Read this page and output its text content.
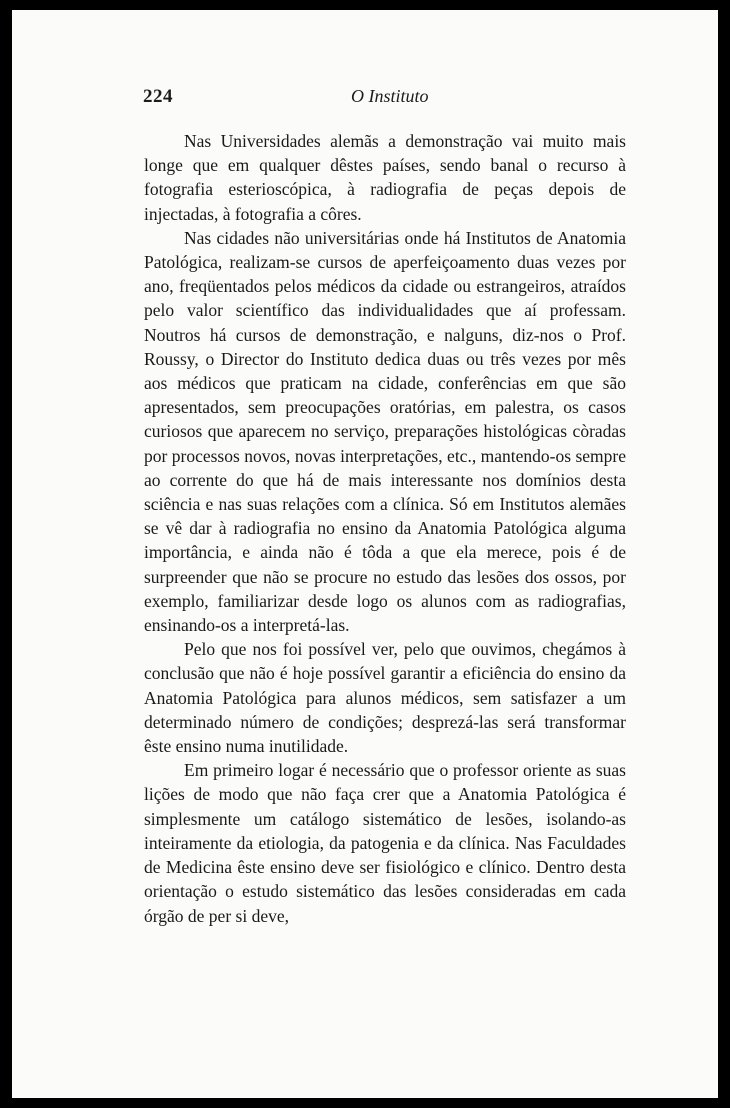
224	O Instituto

Nas Universidades alemãs a demonstração vai muito mais longe que em qualquer dêstes países, sendo banal o recurso à fotografia esterioscópica, à radiografia de peças depois de injectadas, à fotografia a côres.

Nas cidades não universitárias onde há Institutos de Anatomia Patológica, realizam-se cursos de aperfeiçoamento duas vezes por ano, freqüentados pelos médicos da cidade ou estrangeiros, atraídos pelo valor scientífico das individualidades que aí professam. Noutros há cursos de demonstração, e nalguns, diz-nos o Prof. Roussy, o Director do Instituto dedica duas ou três vezes por mês aos médicos que praticam na cidade, conferências em que são apresentados, sem preocupações oratórias, em palestra, os casos curiosos que aparecem no serviço, preparações histológicas còradas por processos novos, novas interpretações, etc., mantendo-os sempre ao corrente do que há de mais interessante nos domínios desta sciência e nas suas relações com a clínica. Só em Institutos alemães se vê dar à radiografia no ensino da Anatomia Patológica alguma importância, e ainda não é tôda a que ela merece, pois é de surpreender que não se procure no estudo das lesões dos ossos, por exemplo, familiarizar desde logo os alunos com as radiografias, ensinando-os a interpretá-las.

Pelo que nos foi possível ver, pelo que ouvimos, chegámos à conclusão que não é hoje possível garantir a eficiência do ensino da Anatomia Patológica para alunos médicos, sem satisfazer a um determinado número de condições; desprezá-las será transformar êste ensino numa inutilidade.

Em primeiro logar é necessário que o professor oriente as suas lições de modo que não faça crer que a Anatomia Patológica é simplesmente um catálogo sistemático de lesões, isolando-as inteiramente da etiologia, da patogenia e da clínica. Nas Faculdades de Medicina êste ensino deve ser fisiológico e clínico. Dentro desta orientação o estudo sistemático das lesões consideradas em cada órgão de per si deve,
